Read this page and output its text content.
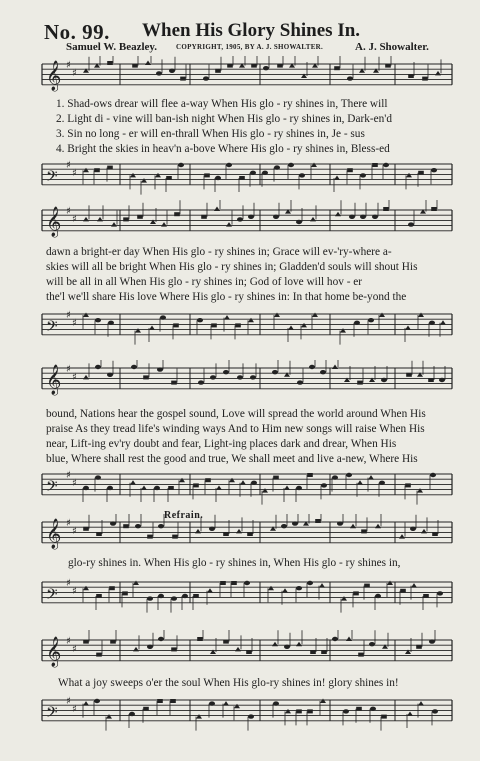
No. 99. When His Glory Shines In.
Samuel W. Beazley.	COPYRIGHT, 1905, BY A. J. SHOWALTER.	A. J. Showalter.
𝄞 ♯
♯
1. Shad-ows drear will flee a-way When His glo - ry shines in, There will
2. Light di - vine will ban-ish night When His glo - ry shines in, Dark-en'd
3. Sin no long - er will en-thrall When His glo - ry shines in, Je - sus
4. Bright the skies in heav'n a-bove Where His glo - ry shines in, Bless-ed
𝄢
♯
♯
𝄞 ♯
♯
dawn a bright-er day When His glo - ry shines in; Grace will ev-'ry-where a-
skies will all be bright When His glo - ry shines in; Gladden'd souls will shout His
will be all in all When His glo - ry shines in; God of love will hov - er
the'l we'll share His love Where His glo - ry shines in: In that home be-yond the
𝄢
♯
♯
𝄞 ♯
♯
bound, Nations hear the gospel sound, Love will spread the world around When His
praise As they tread life's winding ways And to Him new songs will raise When His
near, Lift-ing ev'ry doubt and fear, Light-ing places dark and drear, When His
blue, Where shall rest the good and true, We shall meet and live a-new, Where His
𝄢
♯
♯
Refrain.
𝄞 ♯
♯
glo-ry shines in. When His glo - ry shines in, When His glo - ry shines in,
𝄢
♯
♯
𝄞 ♯
♯
What a joy sweeps o'er the soul When His glo-ry shines in! glory shines in!
𝄢
♯
♯
